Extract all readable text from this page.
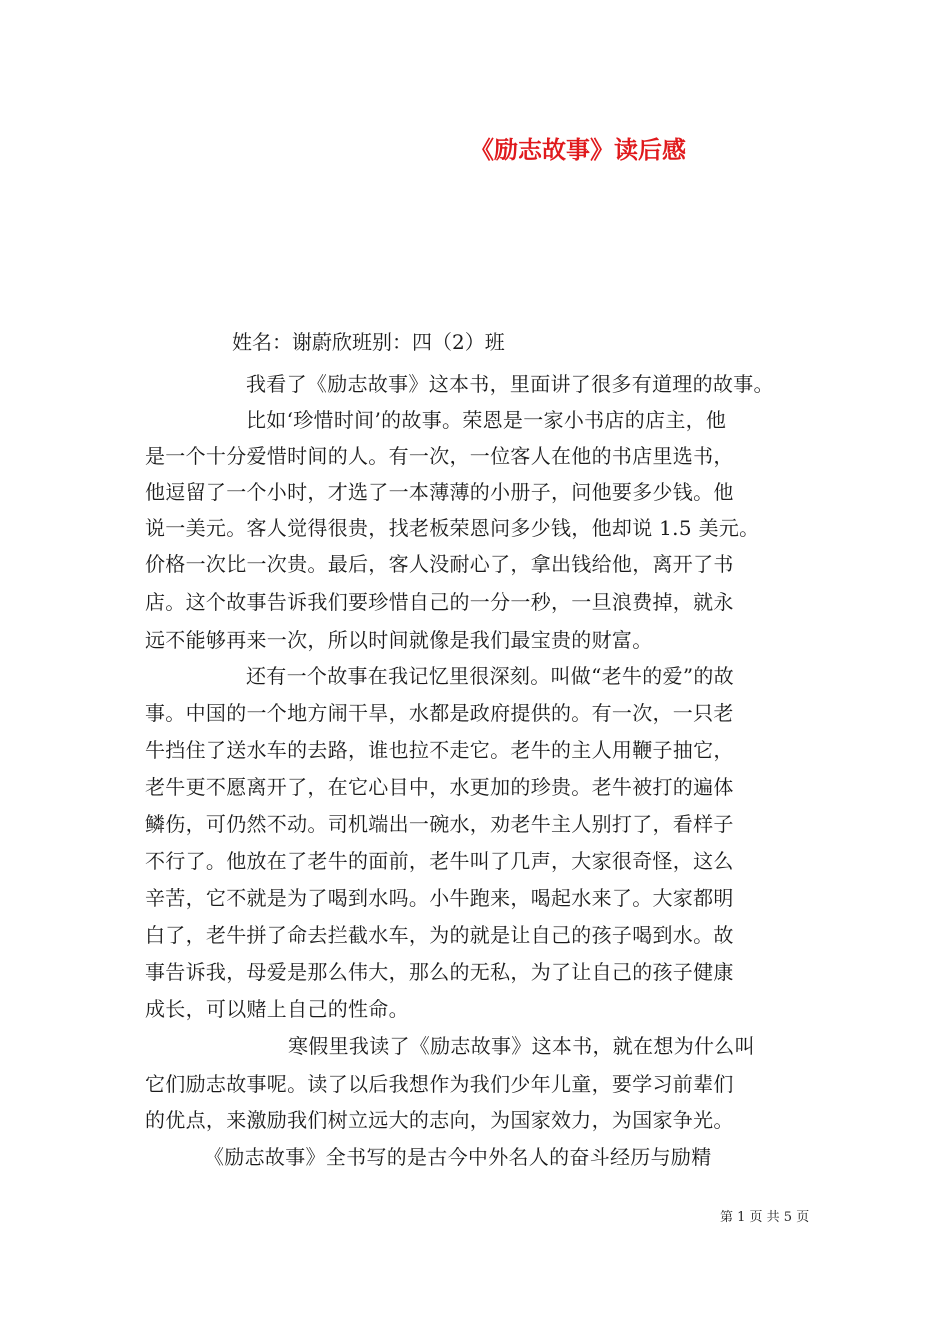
《励志故事》读后感
姓名：谢蔚欣班别：四（2）班
我看了《励志故事》这本书，里面讲了很多有道理的故事。
比如‘珍惜时间’的故事。荣恩是一家小书店的店主，他
是一个十分爱惜时间的人。有一次，一位客人在他的书店里选书，
他逗留了一个小时，才选了一本薄薄的小册子，问他要多少钱。他
说一美元。客人觉得很贵，找老板荣恩问多少钱，他却说 1.5 美元。
价格一次比一次贵。最后，客人没耐心了，拿出钱给他，离开了书
店。这个故事告诉我们要珍惜自己的一分一秒，一旦浪费掉，就永
远不能够再来一次，所以时间就像是我们最宝贵的财富。
还有一个故事在我记忆里很深刻。叫做“老牛的爱”的故
事。中国的一个地方闹干旱，水都是政府提供的。有一次，一只老
牛挡住了送水车的去路，谁也拉不走它。老牛的主人用鞭子抽它，
老牛更不愿离开了，在它心目中，水更加的珍贵。老牛被打的遍体
鳞伤，可仍然不动。司机端出一碗水，劝老牛主人别打了，看样子
不行了。他放在了老牛的面前，老牛叫了几声，大家很奇怪，这么
辛苦，它不就是为了喝到水吗。小牛跑来，喝起水来了。大家都明
白了，老牛拼了命去拦截水车，为的就是让自己的孩子喝到水。故
事告诉我，母爱是那么伟大，那么的无私，为了让自己的孩子健康
成长，可以赌上自己的性命。
寒假里我读了《励志故事》这本书，就在想为什么叫
它们励志故事呢。读了以后我想作为我们少年儿童，要学习前辈们
的优点，来激励我们树立远大的志向，为国家效力，为国家争光。
《励志故事》全书写的是古今中外名人的奋斗经历与励精
第 1 页 共 5 页
